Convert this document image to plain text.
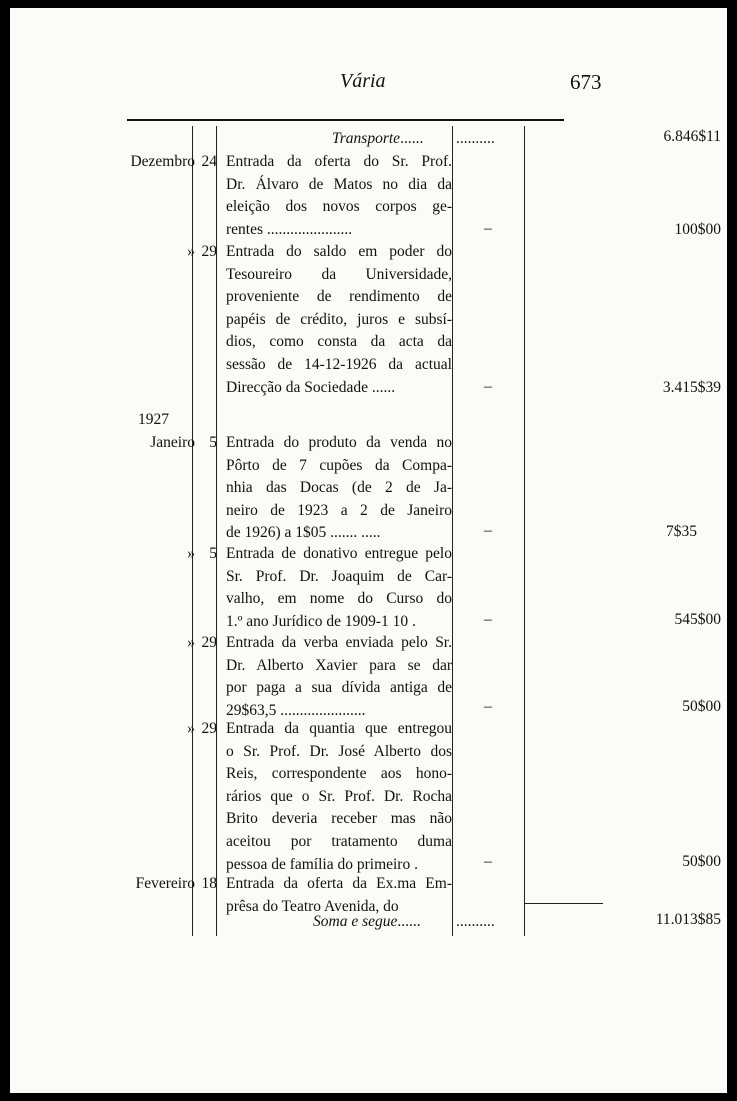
Vária	673
Transporte...... ..........	6.846$11
Dezembro 24 Entrada da oferta do Sr. Prof.
Dr. Álvaro de Matos no dia da
eleição dos novos corpos ge-
rentes ......................	–	100$00
» 29 Entrada do saldo em poder do
Tesoureiro da Universidade,
proveniente de rendimento de
papéis de crédito, juros e subsí-
dios, como consta da acta da
sessão de 14-12-1926 da actual
Direcção da Sociedade ......	–	3.415$39
1927
Janeiro 5 Entrada do produto da venda no
Pôrto de 7 cupões da Compa-
nhia das Docas (de 2 de Ja-
neiro de 1923 a 2 de Janeiro
de 1926) a 1$05 ....... .....	–	7$35
» 5 Entrada de donativo entregue pelo
Sr. Prof. Dr. Joaquim de Car-
valho, em nome do Curso do
1.º ano Jurídico de 1909-1 10 .	–	545$00
» 29 Entrada da verba enviada pelo Sr.
Dr. Alberto Xavier para se dar
por paga a sua dívida antiga de
29$63,5 ......................	–	50$00
» 29 Entrada da quantia que entregou
o Sr. Prof. Dr. José Alberto dos
Reis, correspondente aos hono-
rários que o Sr. Prof. Dr. Rocha
Brito deveria receber mas não
aceitou por tratamento duma
pessoa de família do primeiro .	–	50$00
Fevereiro 18 Entrada da oferta da Ex.ma Em-
prêsa do Teatro Avenida, do
Soma e segue...... ..........	11.013$85
